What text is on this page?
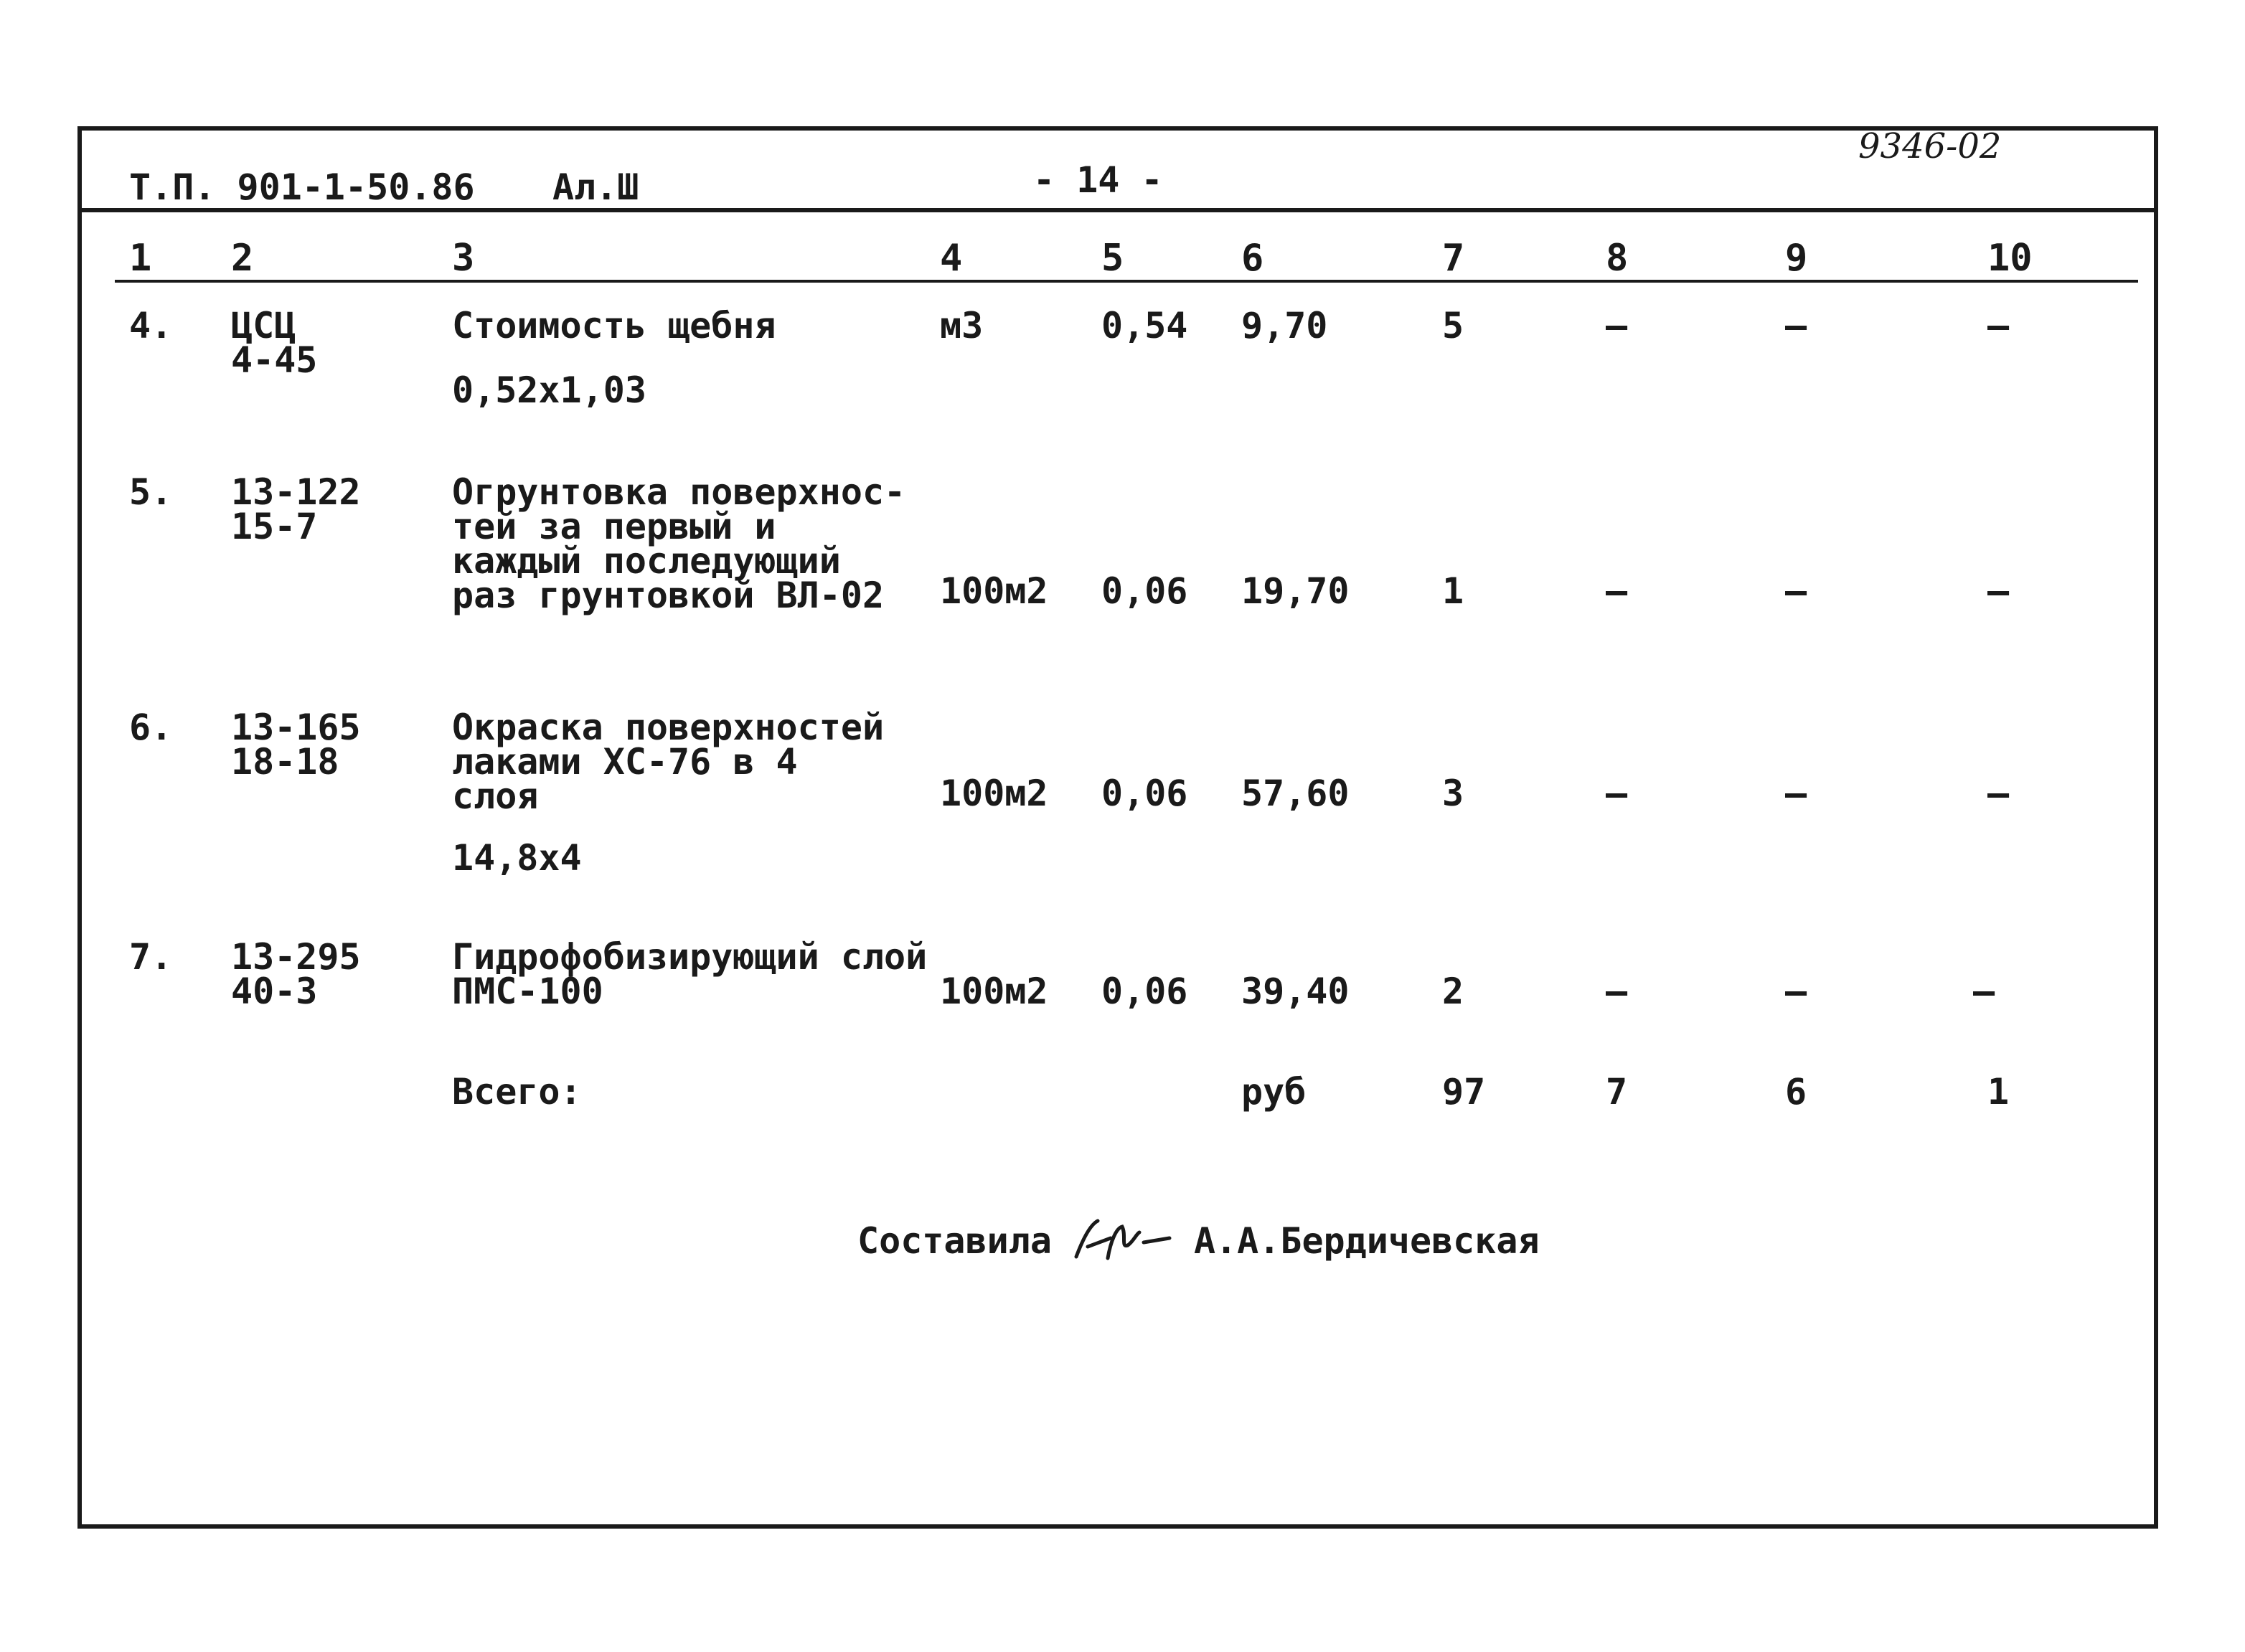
Т.П. 901-1-50.86 Ал.Ш	- 14 -
9346-02
1 2	3	4	5	6	7	8	9	10
4. ЦСЦ
4-45
Стоимость щебня
0,52x1,03
м3	0,54 9,70	5	–	–	–
5. 13-122
15-7
Огрунтовка поверхнос-
тей за первый и
каждый последующий
раз грунтовкой ВЛ-02	100м2 0,06 19,70	1	–	–	–
6. 13-165
18-18
Окраска поверхностей
лаками ХС-76 в 4
слоя
14,8x4
100м2 0,06 57,60	3	–	–	–
7. 13-295
40-3
Гидрофобизирующий слой
ПМС-100	100м2 0,06 39,40	2	–	–	–
Всего:	руб	97	7	6	1
Составила	А.А.Бердичевская
